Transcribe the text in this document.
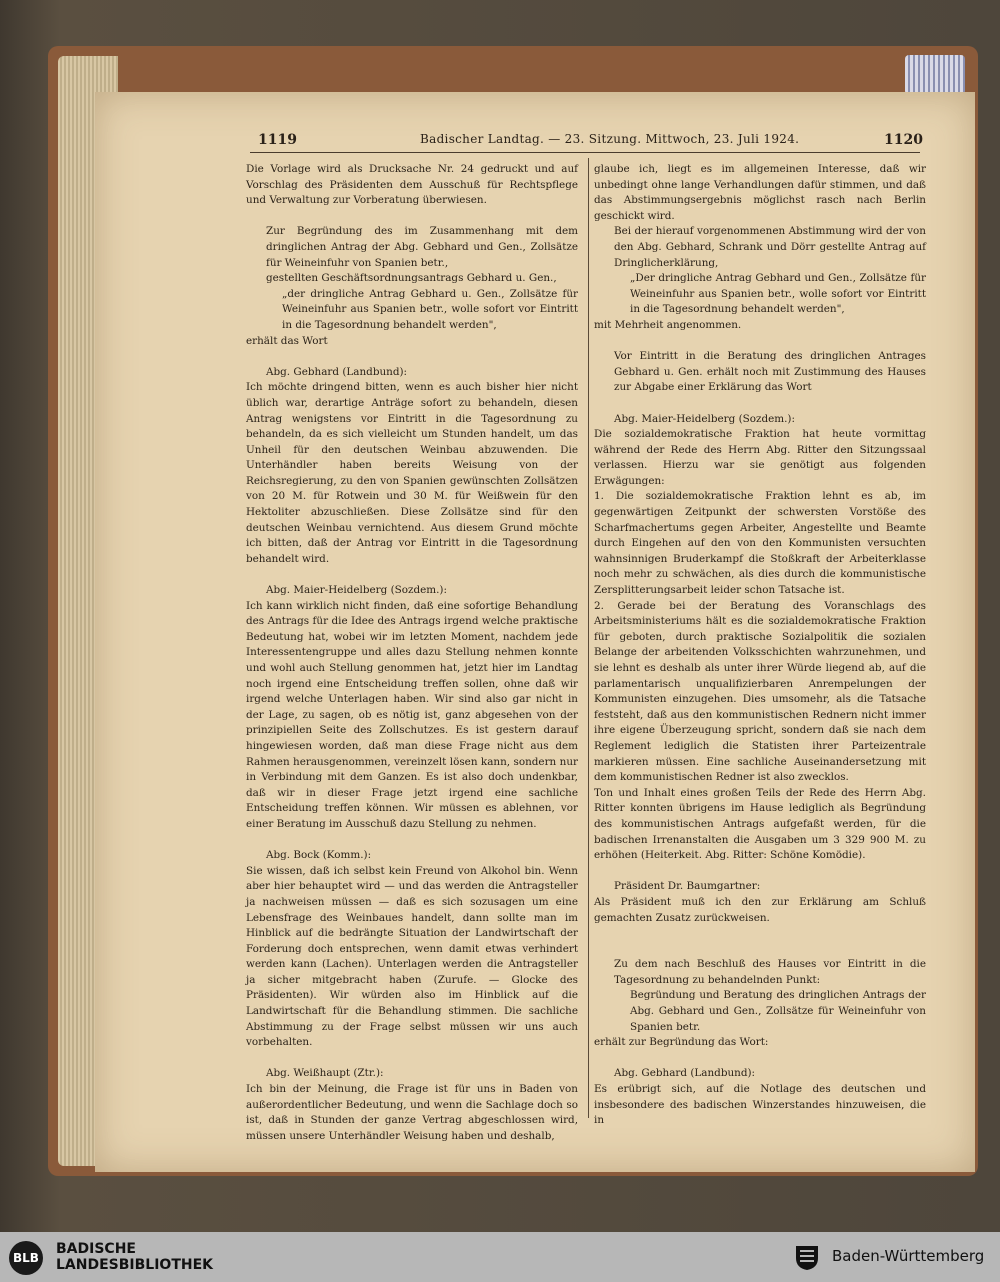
1119	Badischer Landtag. — 23. Sitzung. Mittwoch, 23. Juli 1924.	1120

Die Vorlage wird als Drucksache Nr. 24 gedruckt und auf Vorschlag des Präsidenten dem Ausschuß für Rechtspflege und Verwaltung zur Vorberatung überwiesen.

Zur Begründung des im Zusammenhang mit dem dringlichen Antrag der Abg. Gebhard und Gen., Zollsätze für Weineinfuhr von Spanien betr.,

gestellten Geschäftsordnungsantrags Gebhard u. Gen.,

„der dringliche Antrag Gebhard u. Gen., Zollsätze für Weineinfuhr aus Spanien betr., wolle sofort vor Eintritt in die Tagesordnung behandelt werden",

erhält das Wort

Abg. Gebhard (Landbund):

Ich möchte dringend bitten, wenn es auch bisher hier nicht üblich war, derartige Anträge sofort zu behandeln, diesen Antrag wenigstens vor Eintritt in die Tagesordnung zu behandeln, da es sich vielleicht um Stunden handelt, um das Unheil für den deutschen Weinbau abzuwenden. Die Unterhändler haben bereits Weisung von der Reichsregierung, zu den von Spanien gewünschten Zollsätzen von 20 M. für Rotwein und 30 M. für Weißwein für den Hektoliter abzuschließen. Diese Zollsätze sind für den deutschen Weinbau vernichtend. Aus diesem Grund möchte ich bitten, daß der Antrag vor Eintritt in die Tagesordnung behandelt wird.

Abg. Maier-Heidelberg (Sozdem.):

Ich kann wirklich nicht finden, daß eine sofortige Behandlung des Antrags für die Idee des Antrags irgend welche praktische Bedeutung hat, wobei wir im letzten Moment, nachdem jede Interessentengruppe und alles dazu Stellung nehmen konnte und wohl auch Stellung genommen hat, jetzt hier im Landtag noch irgend eine Entscheidung treffen sollen, ohne daß wir irgend welche Unterlagen haben. Wir sind also gar nicht in der Lage, zu sagen, ob es nötig ist, ganz abgesehen von der prinzipiellen Seite des Zollschutzes. Es ist gestern darauf hingewiesen worden, daß man diese Frage nicht aus dem Rahmen herausgenommen, vereinzelt lösen kann, sondern nur in Verbindung mit dem Ganzen. Es ist also doch undenkbar, daß wir in dieser Frage jetzt irgend eine sachliche Entscheidung treffen können. Wir müssen es ablehnen, vor einer Beratung im Ausschuß dazu Stellung zu nehmen.

Abg. Bock (Komm.):

Sie wissen, daß ich selbst kein Freund von Alkohol bin. Wenn aber hier behauptet wird — und das werden die Antragsteller ja nachweisen müssen — daß es sich sozusagen um eine Lebensfrage des Weinbaues handelt, dann sollte man im Hinblick auf die bedrängte Situation der Landwirtschaft der Forderung doch entsprechen, wenn damit etwas verhindert werden kann (Lachen). Unterlagen werden die Antragsteller ja sicher mitgebracht haben (Zurufe. — Glocke des Präsidenten). Wir würden also im Hinblick auf die Landwirtschaft für die Behandlung stimmen. Die sachliche Abstimmung zu der Frage selbst müssen wir uns auch vorbehalten.

Abg. Weißhaupt (Ztr.):

Ich bin der Meinung, die Frage ist für uns in Baden von außerordentlicher Bedeutung, und wenn die Sachlage doch so ist, daß in Stunden der ganze Vertrag abgeschlossen wird, müssen unsere Unterhändler Weisung haben und deshalb,

glaube ich, liegt es im allgemeinen Interesse, daß wir unbedingt ohne lange Verhandlungen dafür stimmen, und daß das Abstimmungsergebnis möglichst rasch nach Berlin geschickt wird.

Bei der hierauf vorgenommenen Abstimmung wird der von den Abg. Gebhard, Schrank und Dörr gestellte Antrag auf Dringlicherklärung,

„Der dringliche Antrag Gebhard und Gen., Zollsätze für Weineinfuhr aus Spanien betr., wolle sofort vor Eintritt in die Tagesordnung behandelt werden",

mit Mehrheit angenommen.

Vor Eintritt in die Beratung des dringlichen Antrages Gebhard u. Gen. erhält noch mit Zustimmung des Hauses zur Abgabe einer Erklärung das Wort

Abg. Maier-Heidelberg (Sozdem.):

Die sozialdemokratische Fraktion hat heute vormittag während der Rede des Herrn Abg. Ritter den Sitzungssaal verlassen. Hierzu war sie genötigt aus folgenden Erwägungen:

1. Die sozialdemokratische Fraktion lehnt es ab, im gegenwärtigen Zeitpunkt der schwersten Vorstöße des Scharfmachertums gegen Arbeiter, Angestellte und Beamte durch Eingehen auf den von den Kommunisten versuchten wahnsinnigen Bruderkampf die Stoßkraft der Arbeiterklasse noch mehr zu schwächen, als dies durch die kommunistische Zersplitterungsarbeit leider schon Tatsache ist.

2. Gerade bei der Beratung des Voranschlags des Arbeitsministeriums hält es die sozialdemokratische Fraktion für geboten, durch praktische Sozialpolitik die sozialen Belange der arbeitenden Volksschichten wahrzunehmen, und sie lehnt es deshalb als unter ihrer Würde liegend ab, auf die parlamentarisch unqualifizierbaren Anrempelungen der Kommunisten einzugehen. Dies umsomehr, als die Tatsache feststeht, daß aus den kommunistischen Rednern nicht immer ihre eigene Überzeugung spricht, sondern daß sie nach dem Reglement lediglich die Statisten ihrer Parteizentrale markieren müssen. Eine sachliche Auseinandersetzung mit dem kommunistischen Redner ist also zwecklos.

Ton und Inhalt eines großen Teils der Rede des Herrn Abg. Ritter konnten übrigens im Hause lediglich als Begründung des kommunistischen Antrags aufgefaßt werden, für die badischen Irrenanstalten die Ausgaben um 3 329 900 M. zu erhöhen (Heiterkeit. Abg. Ritter: Schöne Komödie).

Präsident Dr. Baumgartner:

Als Präsident muß ich den zur Erklärung am Schluß gemachten Zusatz zurückweisen.

Zu dem nach Beschluß des Hauses vor Eintritt in die Tagesordnung zu behandelnden Punkt:

Begründung und Beratung des dringlichen Antrags der Abg. Gebhard und Gen., Zollsätze für Weineinfuhr von Spanien betr.

erhält zur Begründung das Wort:

Abg. Gebhard (Landbund):

Es erübrigt sich, auf die Notlage des deutschen und insbesondere des badischen Winzerstandes hinzuweisen, die in

BLB
BADISCHE
LANDESBIBLIOTHEK	Baden-Württemberg
